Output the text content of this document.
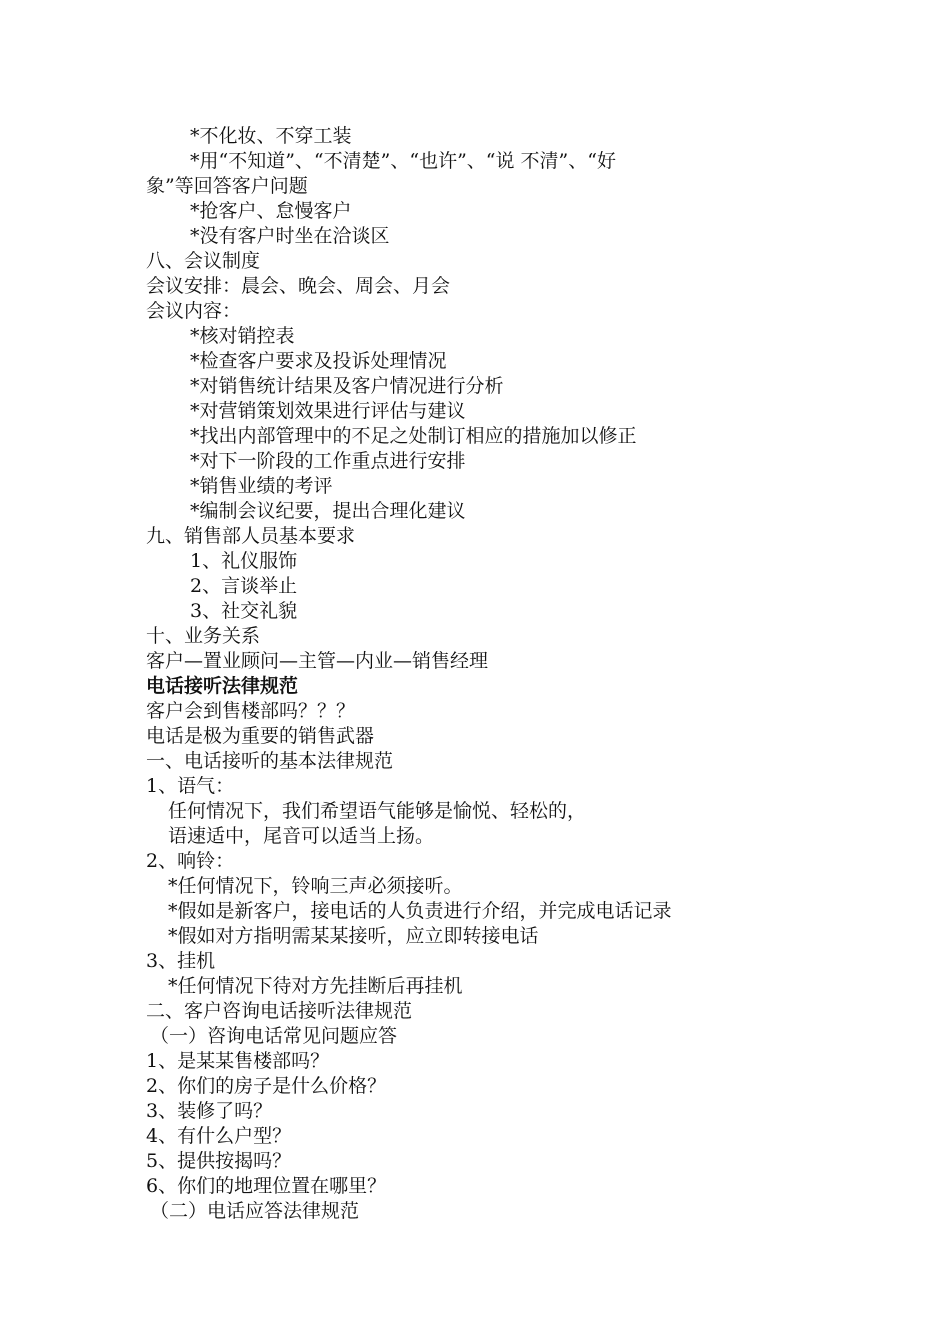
*不化妆、不穿工装
*用“不知道”、“不清楚”、“也许”、“说 不清”、“好
象”等回答客户问题
*抢客户、怠慢客户
*没有客户时坐在洽谈区
八、会议制度
会议安排：晨会、晚会、周会、月会
会议内容：
*核对销控表
*检查客户要求及投诉处理情况
*对销售统计结果及客户情况进行分析
*对营销策划效果进行评估与建议
*找出内部管理中的不足之处制订相应的措施加以修正
*对下一阶段的工作重点进行安排
*销售业绩的考评
*编制会议纪要，提出合理化建议
九、销售部人员基本要求
1、礼仪服饰
2、言谈举止
3、社交礼貌
十、业务关系
客户—置业顾问—主管—内业—销售经理
电话接听法律规范
客户会到售楼部吗？？？
电话是极为重要的销售武器
一、电话接听的基本法律规范
1、语气：
任何情况下，我们希望语气能够是愉悦、轻松的，
语速适中，尾音可以适当上扬。
2、响铃：
*任何情况下，铃响三声必须接听。
*假如是新客户，接电话的人负责进行介绍，并完成电话记录
*假如对方指明需某某接听，应立即转接电话
3、挂机
*任何情况下待对方先挂断后再挂机
二、客户咨询电话接听法律规范
（一）咨询电话常见问题应答
1、是某某售楼部吗？
2、你们的房子是什么价格？
3、装修了吗？
4、有什么户型？
5、提供按揭吗？
6、你们的地理位置在哪里？
（二）电话应答法律规范
